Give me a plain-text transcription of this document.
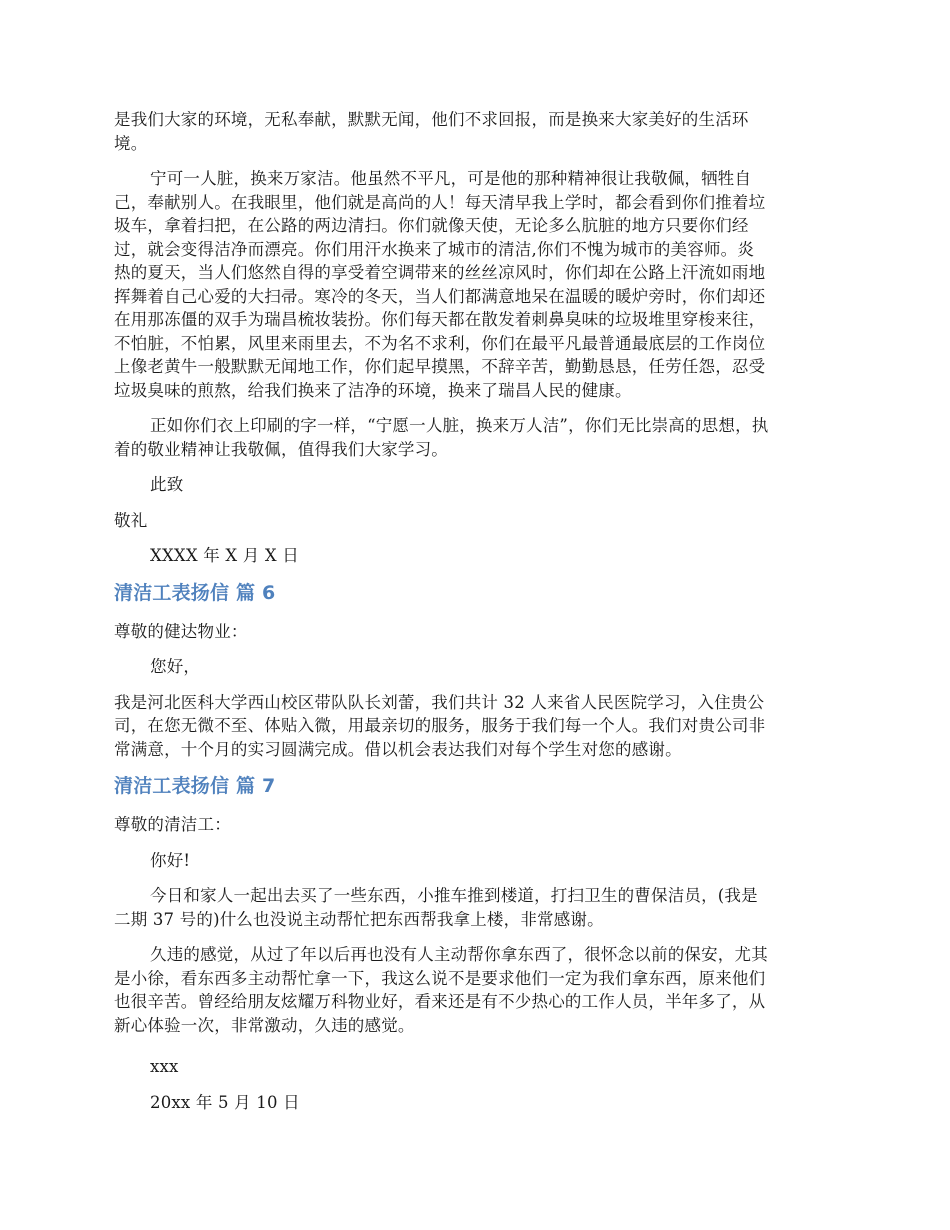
是我们大家的环境，无私奉献，默默无闻，他们不求回报，而是换来大家美好的生活环
境。
宁可一人脏，换来万家洁。他虽然不平凡，可是他的那种精神很让我敬佩，牺牲自
己，奉献别人。在我眼里，他们就是高尚的人！每天清早我上学时，都会看到你们推着垃
圾车，拿着扫把，在公路的两边清扫。你们就像天使，无论多么肮脏的地方只要你们经
过，就会变得洁净而漂亮。你们用汗水换来了城市的清洁,你们不愧为城市的美容师。炎
热的夏天，当人们悠然自得的享受着空调带来的丝丝凉风时，你们却在公路上汗流如雨地
挥舞着自己心爱的大扫帚。寒冷的冬天，当人们都满意地呆在温暖的暖炉旁时，你们却还
在用那冻僵的双手为瑞昌梳妆装扮。你们每天都在散发着刺鼻臭味的垃圾堆里穿梭来往，
不怕脏，不怕累，风里来雨里去，不为名不求利，你们在最平凡最普通最底层的工作岗位
上像老黄牛一般默默无闻地工作，你们起早摸黑，不辞辛苦，勤勤恳恳，任劳任怨，忍受
垃圾臭味的煎熬，给我们换来了洁净的环境，换来了瑞昌人民的健康。
正如你们衣上印刷的字一样，“宁愿一人脏，换来万人洁”，你们无比崇高的思想，执
着的敬业精神让我敬佩，值得我们大家学习。
此致
敬礼
XXXX 年 X 月 X 日
清洁工表扬信 篇 6
尊敬的健达物业：
您好，
我是河北医科大学西山校区带队队长刘蕾，我们共计 32 人来省人民医院学习，入住贵公
司，在您无微不至、体贴入微，用最亲切的服务，服务于我们每一个人。我们对贵公司非
常满意，十个月的实习圆满完成。借以机会表达我们对每个学生对您的感谢。
清洁工表扬信 篇 7
尊敬的清洁工：
你好!
今日和家人一起出去买了一些东西，小推车推到楼道，打扫卫生的曹保洁员，(我是
二期 37 号的)什么也没说主动帮忙把东西帮我拿上楼，非常感谢。
久违的感觉，从过了年以后再也没有人主动帮你拿东西了，很怀念以前的保安，尤其
是小徐，看东西多主动帮忙拿一下，我这么说不是要求他们一定为我们拿东西，原来他们
也很辛苦。曾经给朋友炫耀万科物业好，看来还是有不少热心的工作人员，半年多了，从
新心体验一次，非常激动，久违的感觉。
xxx
20xx 年 5 月 10 日
